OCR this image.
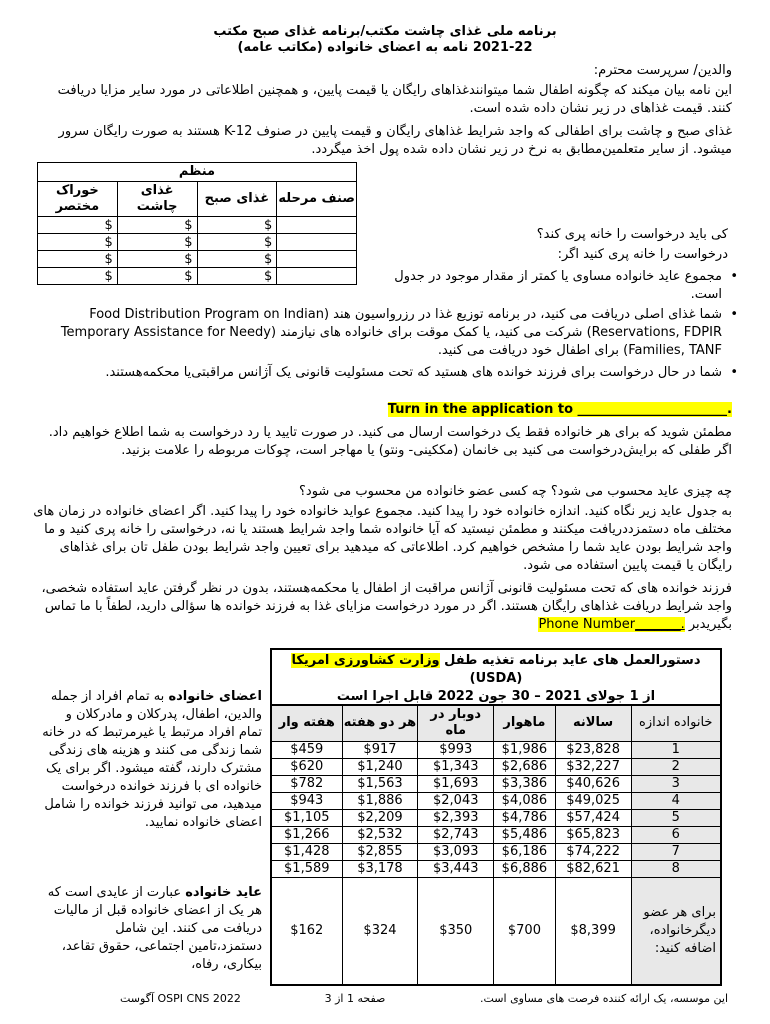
برنامه ملی غذای چاشت مکتب/برنامه غذای صبح مکتب
2021-22 نامه به اعضای خانواده (مکاتب عامه)
والدین/ سرپرست محترم:
این نامه بیان میکند که چگونه اطفال شما میتوانندغذاهای رایگان یا قیمت پایین، و همچنین اطلاعاتی در مورد سایر مزایا دریافت کنند. قیمت غذاهای در زیر نشان داده شده است.
غذای صبح و چاشت برای اطفالی که واجد شرایط غذاهای رایگان و قیمت پایین در صنوف K-12 هستند به صورت رایگان سرور میشود. از سایر متعلمین‌مطابق به نرخ در زیر نشان داده شده پول اخذ میگردد.
منظم			
صنف مرحله	غذای صبح	غذای چاشت	خوراک مختصر
	$	$	$
	$	$	$
	$	$	$
	$	$	$
کی باید درخواست را خانه پری کند؟
درخواست را خانه پری کنید اگر:
•
مجموع عاید خانواده مساوی یا کمتر از مقدار موجود در جدول است.
•
شما غذای اصلی دریافت می کنید، در برنامه توزیع غذا در رزرواسیون هند (Food Distribution Program on Indian Reservations, FDPIR) شرکت می کنید، یا کمک موقت برای خانواده های نیازمند (Temporary Assistance for Needy Families, TANF) برای اطفال خود دریافت می کنید.
•
شما در حال درخواست برای فرزند خوانده های هستید که تحت مسئولیت قانونی یک آژانس مراقبتی‌یا محکمه‌هستند.
Turn in the application to _______________________.
مطمئن شوید که برای هر خانواده فقط یک درخواست ارسال می کنید. در صورت تایید یا رد درخواست به شما اطلاع خواهیم داد. اگر طفلی که برایش‌درخواست می کنید بی خانمان (مککینی- ونتو) یا مهاجر است، چوکات مربوطه را علامت بزنید.
چه چیزی عاید محسوب می شود؟ چه کسی عضو خانواده من محسوب می شود؟
به جدول عاید زیر نگاه کنید. اندازه خانواده خود را پیدا کنید. مجموع عواید خانواده خود را پیدا کنید. اگر اعضای خانواده در زمان های مختلف ماه دستمزددریافت میکنند و مطمئن نیستید که آیا خانواده شما واجد شرایط هستند یا نه، درخواستی را خانه پری کنید و ما واجد شرایط بودن عاید شما را مشخص خواهیم کرد. اطلاعاتی که میدهید برای تعیین واجد شرایط بودن طفل تان برای غذاهای رایگان یا قیمت پایین استفاده می شود.
فرزند خوانده های که تحت مسئولیت قانونی آژانس مراقبت از اطفال یا محکمه‌هستند، بدون در نظر گرفتن عاید استفاده شخصی، واجد شرایط دریافت غذاهای رایگان هستند. اگر در مورد درخواست مزایای غذا به فرزند خوانده ها سؤالی دارید، لطفاً با ما تماس بگیریدبر Phone Number_______.
دستورالعمل های عاید برنامه تغذیه طفل وزارت کشاورزی امریکا
(USDA)
از 1 جولای 2021 – 30 جون 2022 قابل اجرا است
خانواده اندازه	سالانه	ماهوار	دوبار در ماه	هر دو هفته	هفته وار
1	$23,828	$1,986	$993	$917	$459
2	$32,227	$2,686	$1,343	$1,240	$620
3	$40,626	$3,386	$1,693	$1,563	$782
4	$49,025	$4,086	$2,043	$1,886	$943
5	$57,424	$4,786	$2,393	$2,209	$1,105
6	$65,823	$5,486	$2,743	$2,532	$1,266
7	$74,222	$6,186	$3,093	$2,855	$1,428
8	$82,621	$6,886	$3,443	$3,178	$1,589
برای هر عضو دیگرخانواده، اضافه کنید:	$8,399	$700	$350	$324	$162
اعضای خانواده به تمام افراد از جمله والدین، اطفال، پدرکلان و مادرکلان و تمام افراد مرتبط یا غیرمرتبط که در خانه شما زندگی می کنند و هزینه های زندگی مشترک دارند، گفته میشود. اگر برای یک خانواده ای با فرزند خوانده درخواست میدهید، می توانید فرزند خوانده را شامل اعضای خانواده نمایید.
عاید خانواده عبارت از عایدی است که هر یک از اعضای خانواده قبل از مالیات دریافت می کنند. این شامل دستمزد،تامین اجتماعی، حقوق تقاعد، بیکاری، رفاه،
OSPI CNS 2022 آگوست	صفحه 1 از 3	این موسسه، یک ارائه کننده فرصت های مساوی است.
